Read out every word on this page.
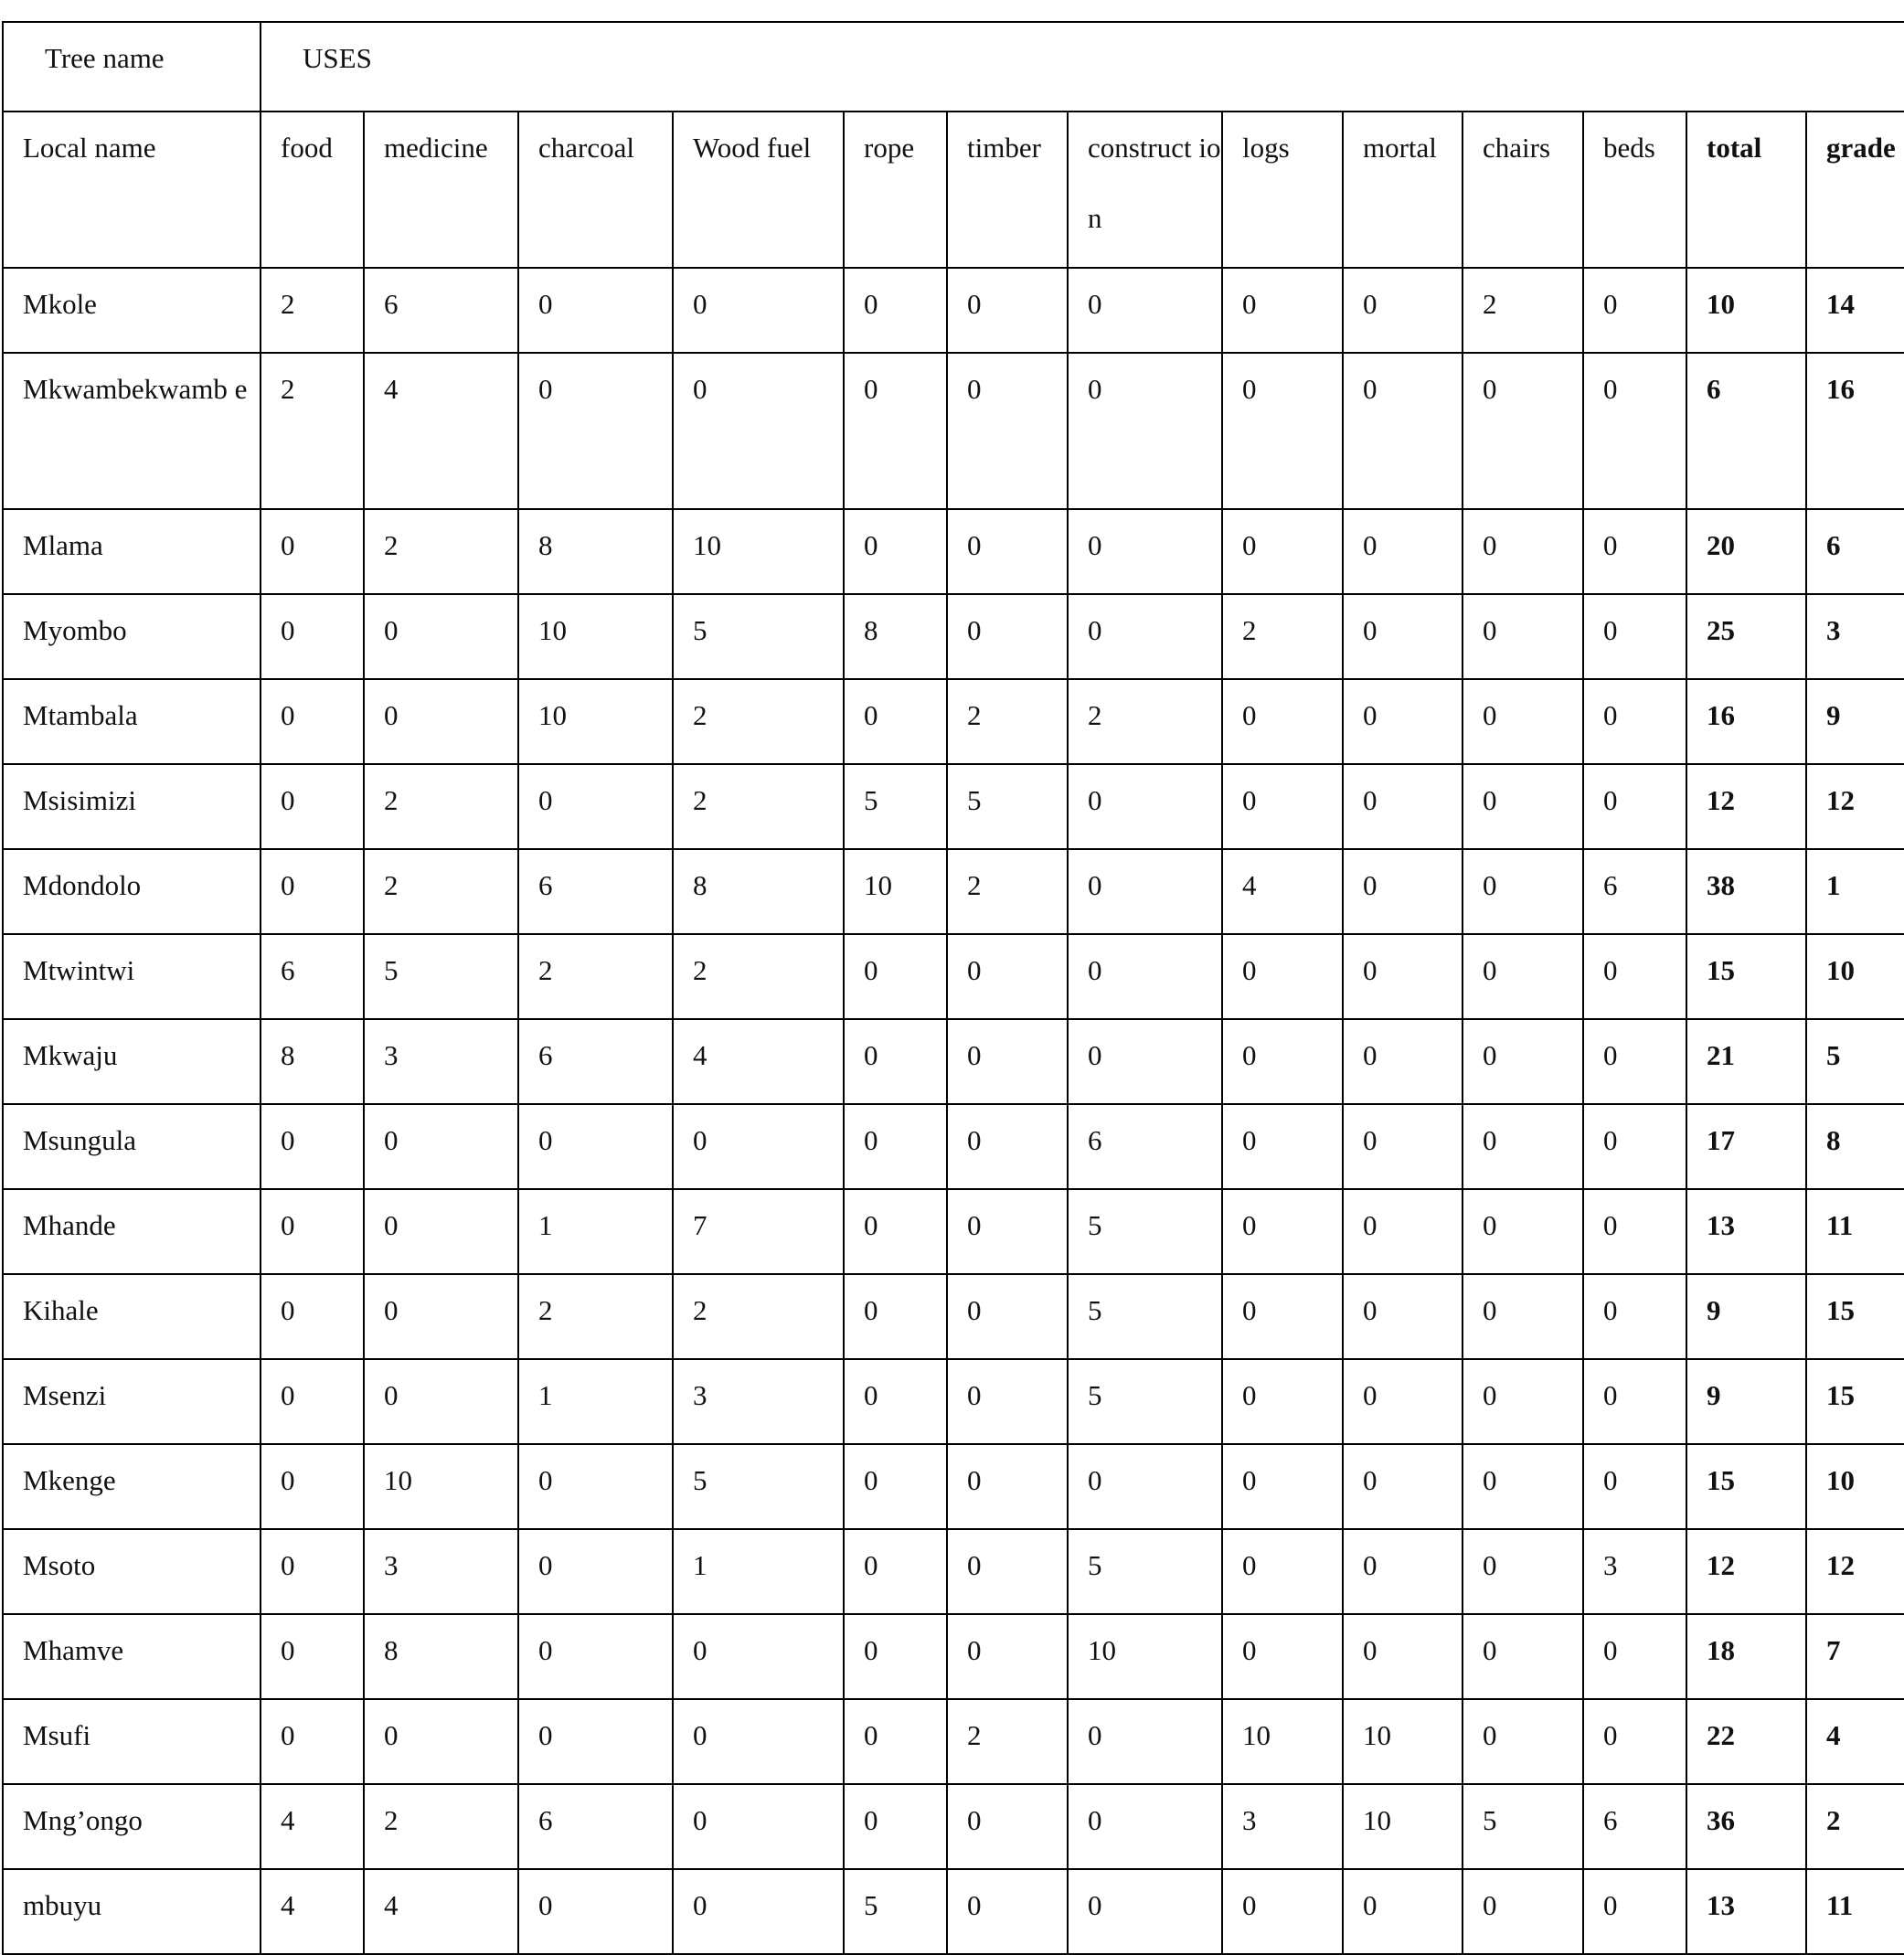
Tree name	USES												

Local name	food	medicine	charcoal	Wood fuel	rope	timber	construct ion	logs	mortal	chairs	beds	total	grade

Mkole	2	6	0	0	0	0	0	0	0	2	0	10	14

Mkwambekwamb e	2	4	0	0	0	0	0	0	0	0	0	6	16

Mlama	0	2	8	10	0	0	0	0	0	0	0	20	6

Myombo	0	0	10	5	8	0	0	2	0	0	0	25	3

Mtambala	0	0	10	2	0	2	2	0	0	0	0	16	9

Msisimizi	0	2	0	2	5	5	0	0	0	0	0	12	12

Mdondolo	0	2	6	8	10	2	0	4	0	0	6	38	1

Mtwintwi	6	5	2	2	0	0	0	0	0	0	0	15	10

Mkwaju	8	3	6	4	0	0	0	0	0	0	0	21	5

Msungula	0	0	0	0	0	0	6	0	0	0	0	17	8

Mhande	0	0	1	7	0	0	5	0	0	0	0	13	11

Kihale	0	0	2	2	0	0	5	0	0	0	0	9	15

Msenzi	0	0	1	3	0	0	5	0	0	0	0	9	15

Mkenge	0	10	0	5	0	0	0	0	0	0	0	15	10

Msoto	0	3	0	1	0	0	5	0	0	0	3	12	12

Mhamve	0	8	0	0	0	0	10	0	0	0	0	18	7

Msufi	0	0	0	0	0	2	0	10	10	0	0	22	4

Mng’ongo	4	2	6	0	0	0	0	3	10	5	6	36	2

mbuyu	4	4	0	0	5	0	0	0	0	0	0	13	11
